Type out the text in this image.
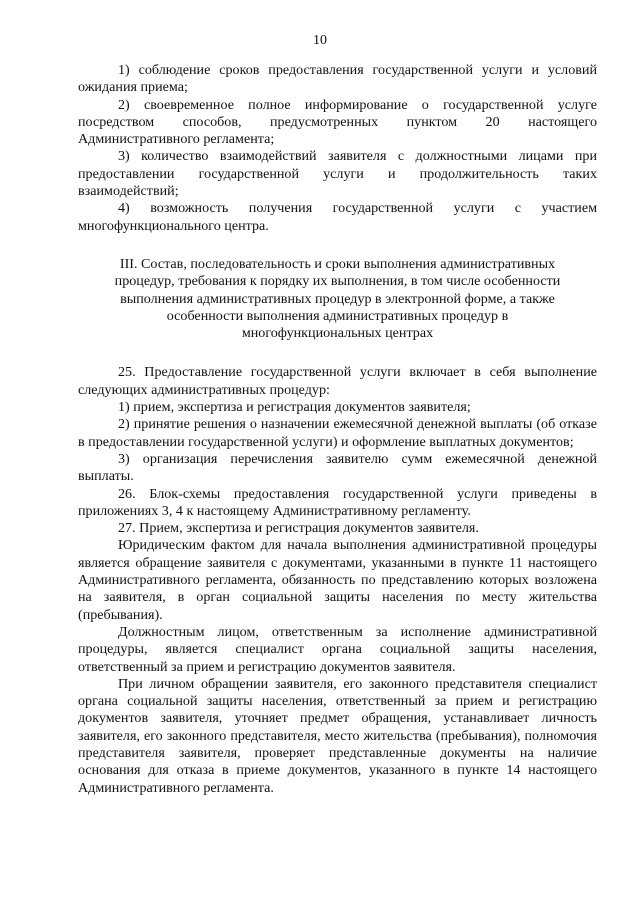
10

1) соблюдение сроков предоставления государственной услуги и условий ожидания приема;

2) своевременное полное информирование о государственной услуге посредством способов, предусмотренных пунктом 20 настоящего Административного регламента;

3) количество взаимодействий заявителя с должностными лицами при предоставлении государственной услуги и продолжительность таких взаимодействий;

4) возможность получения государственной услуги с участием многофункционального центра.

III. Состав, последовательность и сроки выполнения административных
процедур, требования к порядку их выполнения, в том числе особенности
выполнения административных процедур в электронной форме, а также
особенности выполнения административных процедур в
многофункциональных центрах

25. Предоставление государственной услуги включает в себя выполнение следующих административных процедур:

1) прием, экспертиза и регистрация документов заявителя;

2) принятие решения о назначении ежемесячной денежной выплаты (об отказе в предоставлении государственной услуги) и оформление выплатных документов;

3) организация перечисления заявителю сумм ежемесячной денежной выплаты.

26. Блок-схемы предоставления государственной услуги приведены в приложениях 3, 4 к настоящему Административному регламенту.

27. Прием, экспертиза и регистрация документов заявителя.

Юридическим фактом для начала выполнения административной процедуры является обращение заявителя с документами, указанными в пункте 11 настоящего Административного регламента, обязанность по представлению которых возложена на заявителя, в орган социальной защиты населения по месту жительства (пребывания).

Должностным лицом, ответственным за исполнение административной процедуры, является специалист органа социальной защиты населения, ответственный за прием и регистрацию документов заявителя.

При личном обращении заявителя, его законного представителя специалист органа социальной защиты населения, ответственный за прием и регистрацию документов заявителя, уточняет предмет обращения, устанавливает личность заявителя, его законного представителя, место жительства (пребывания), полномочия представителя заявителя, проверяет представленные документы на наличие основания для отказа в приеме документов, указанного в пункте 14 настоящего Административного регламента.
